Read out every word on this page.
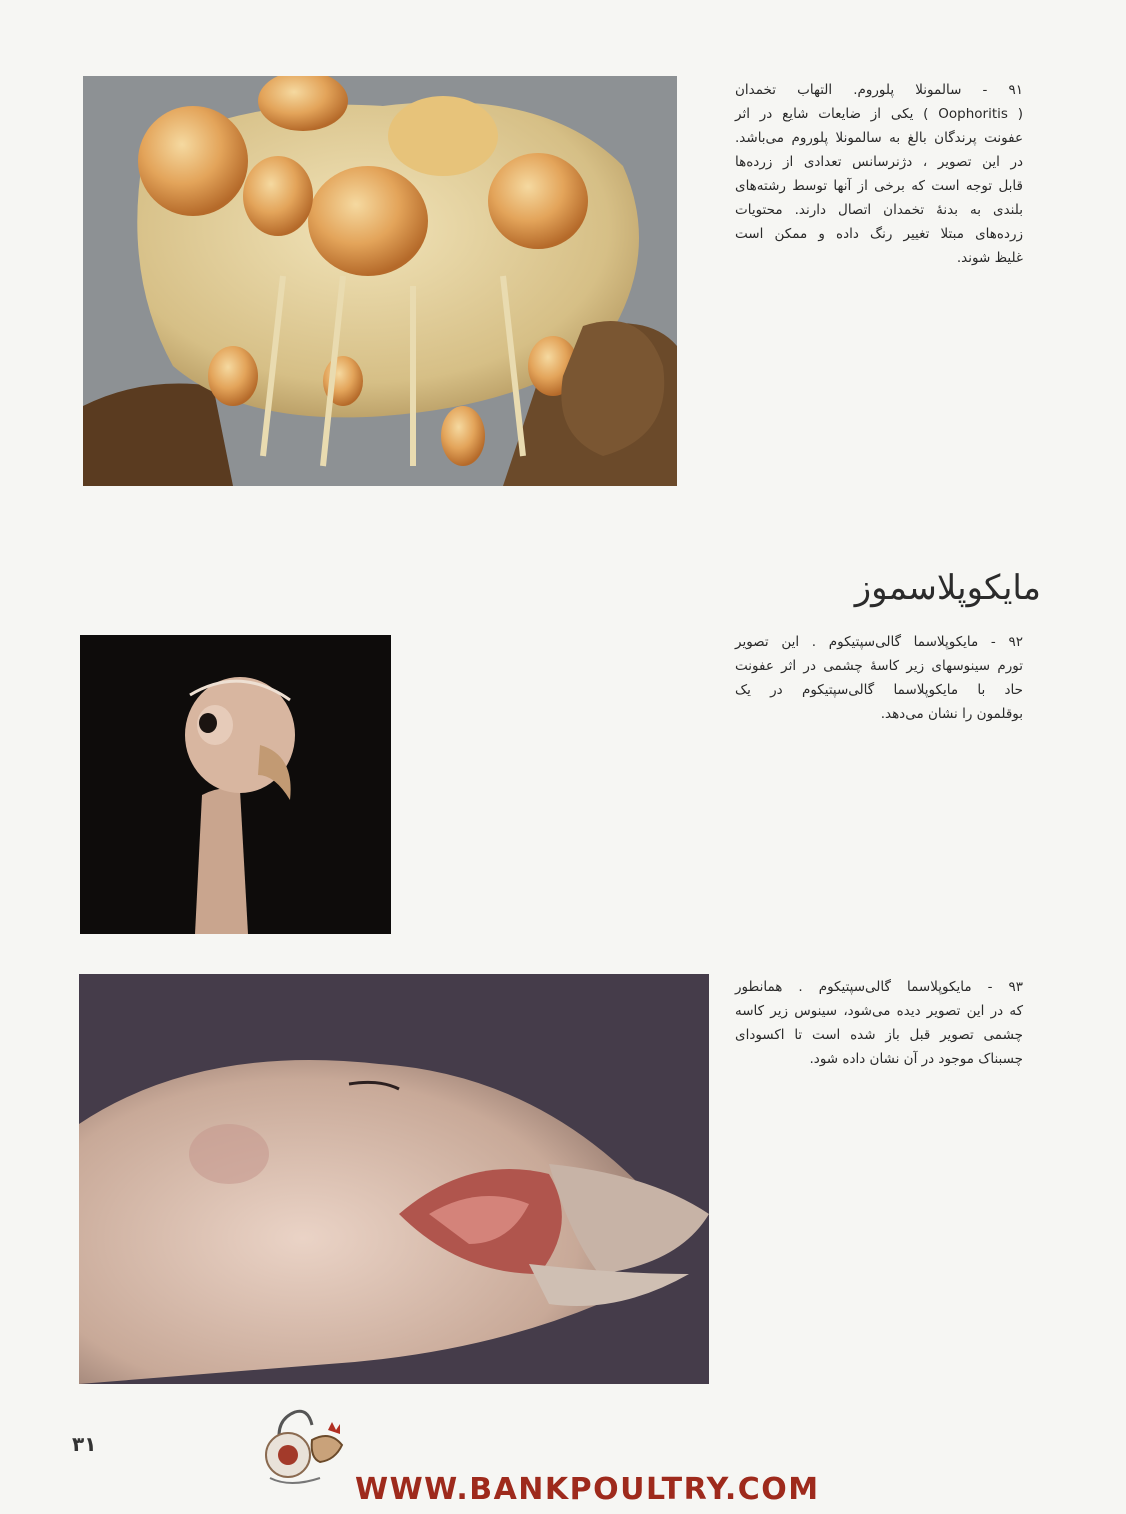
۹۱ - سالمونلا پلوروم. التهاب تخمدان
( Oophoritis ) یکی از ضایعات شایع در اثر
عفونت پرندگان بالغ به سالمونلا پلوروم می‌باشد.
در این تصویر ، دژنرسانس تعدادی از زرده‌ها
قابل توجه است که برخی از آنها توسط رشته‌های
بلندی به بدنهٔ تخمدان اتصال دارند. محتویات
زرده‌های مبتلا تغییر رنگ داده و ممکن است
غلیظ شوند.
مایکوپلاسموز
۹۲ - مایکوپلاسما گالی‌سپتیکوم . این تصویر
تورم سینوسهای زیر کاسهٔ چشمی در اثر عفونت
حاد با مایکوپلاسما گالی‌سپتیکوم در یک
بوقلمون را نشان می‌دهد.
۹۳ - مایکوپلاسما گالی‌سپتیکوم . همانطور
که در این تصویر دیده می‌شود، سینوس زیر کاسه
چشمی تصویر قبل باز شده است تا اکسودای
چسبناک موجود در آن نشان داده شود.
۳۱
WWW.BANKPOULTRY.COM
